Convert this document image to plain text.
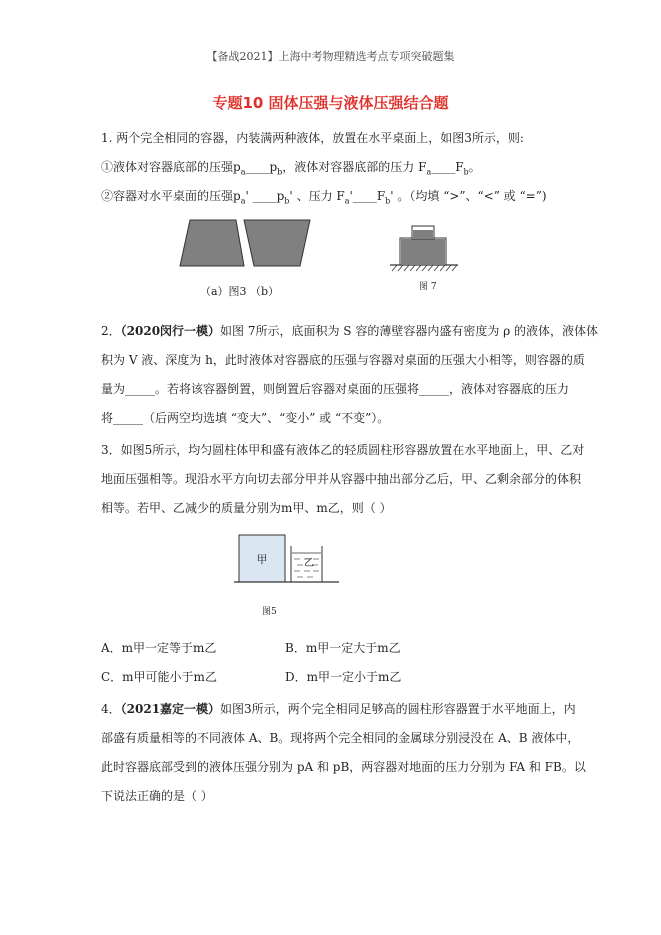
【备战2021】上海中考物理精选考点专项突破题集
专题10 固体压强与液体压强结合题
1. 两个完全相同的容器，内装满两种液体，放置在水平桌面上，如图3所示，则:
①液体对容器底部的压强$p_a\_\_\_\_p_b$，液体对容器底部的压力 $F_a\_\_\_\_F_b$。
②容器对水平桌面的压强$p_a'$ $\_\_\_\_p_b'$ 、压力 $F_a'\_\_\_\_F_b'$ 。（均填 “>”、“<” 或 “=”)
（a）图3 （b）	图 7
2．（2020闵行一模）如图 7所示，底面积为 S 容的薄壁容器内盛有密度为 ρ 的液体，液体体
积为 V 液、深度为 h，此时液体对容器底的压强与容器对桌面的压强大小相等，则容器的质
量为_____。若将该容器倒置，则倒置后容器对桌面的压强将_____，液体对容器底的压力
将_____（后两空均选填 “变大”、“变小” 或 “不变”）。
3．如图5所示，均匀圆柱体甲和盛有液体乙的轻质圆柱形容器放置在水平地面上，甲、乙对
地面压强相等。现沿水平方向切去部分甲并从容器中抽出部分乙后，甲、乙剩余部分的体积
相等。若甲、乙减少的质量分别为m甲、m乙，则（ ）
甲	乙
图5
A．m甲一定等于m乙	B．m甲一定大于m乙
C．m甲可能小于m乙	D．m甲一定小于m乙
4．（2021嘉定一模）如图3所示，两个完全相同足够高的圆柱形容器置于水平地面上，内
部盛有质量相等的不同液体 A、B。现将两个完全相同的金属球分别浸没在 A、B 液体中，
此时容器底部受到的液体压强分别为 pA 和 pB，两容器对地面的压力分别为 FA 和 FB。以
下说法正确的是（ ）
